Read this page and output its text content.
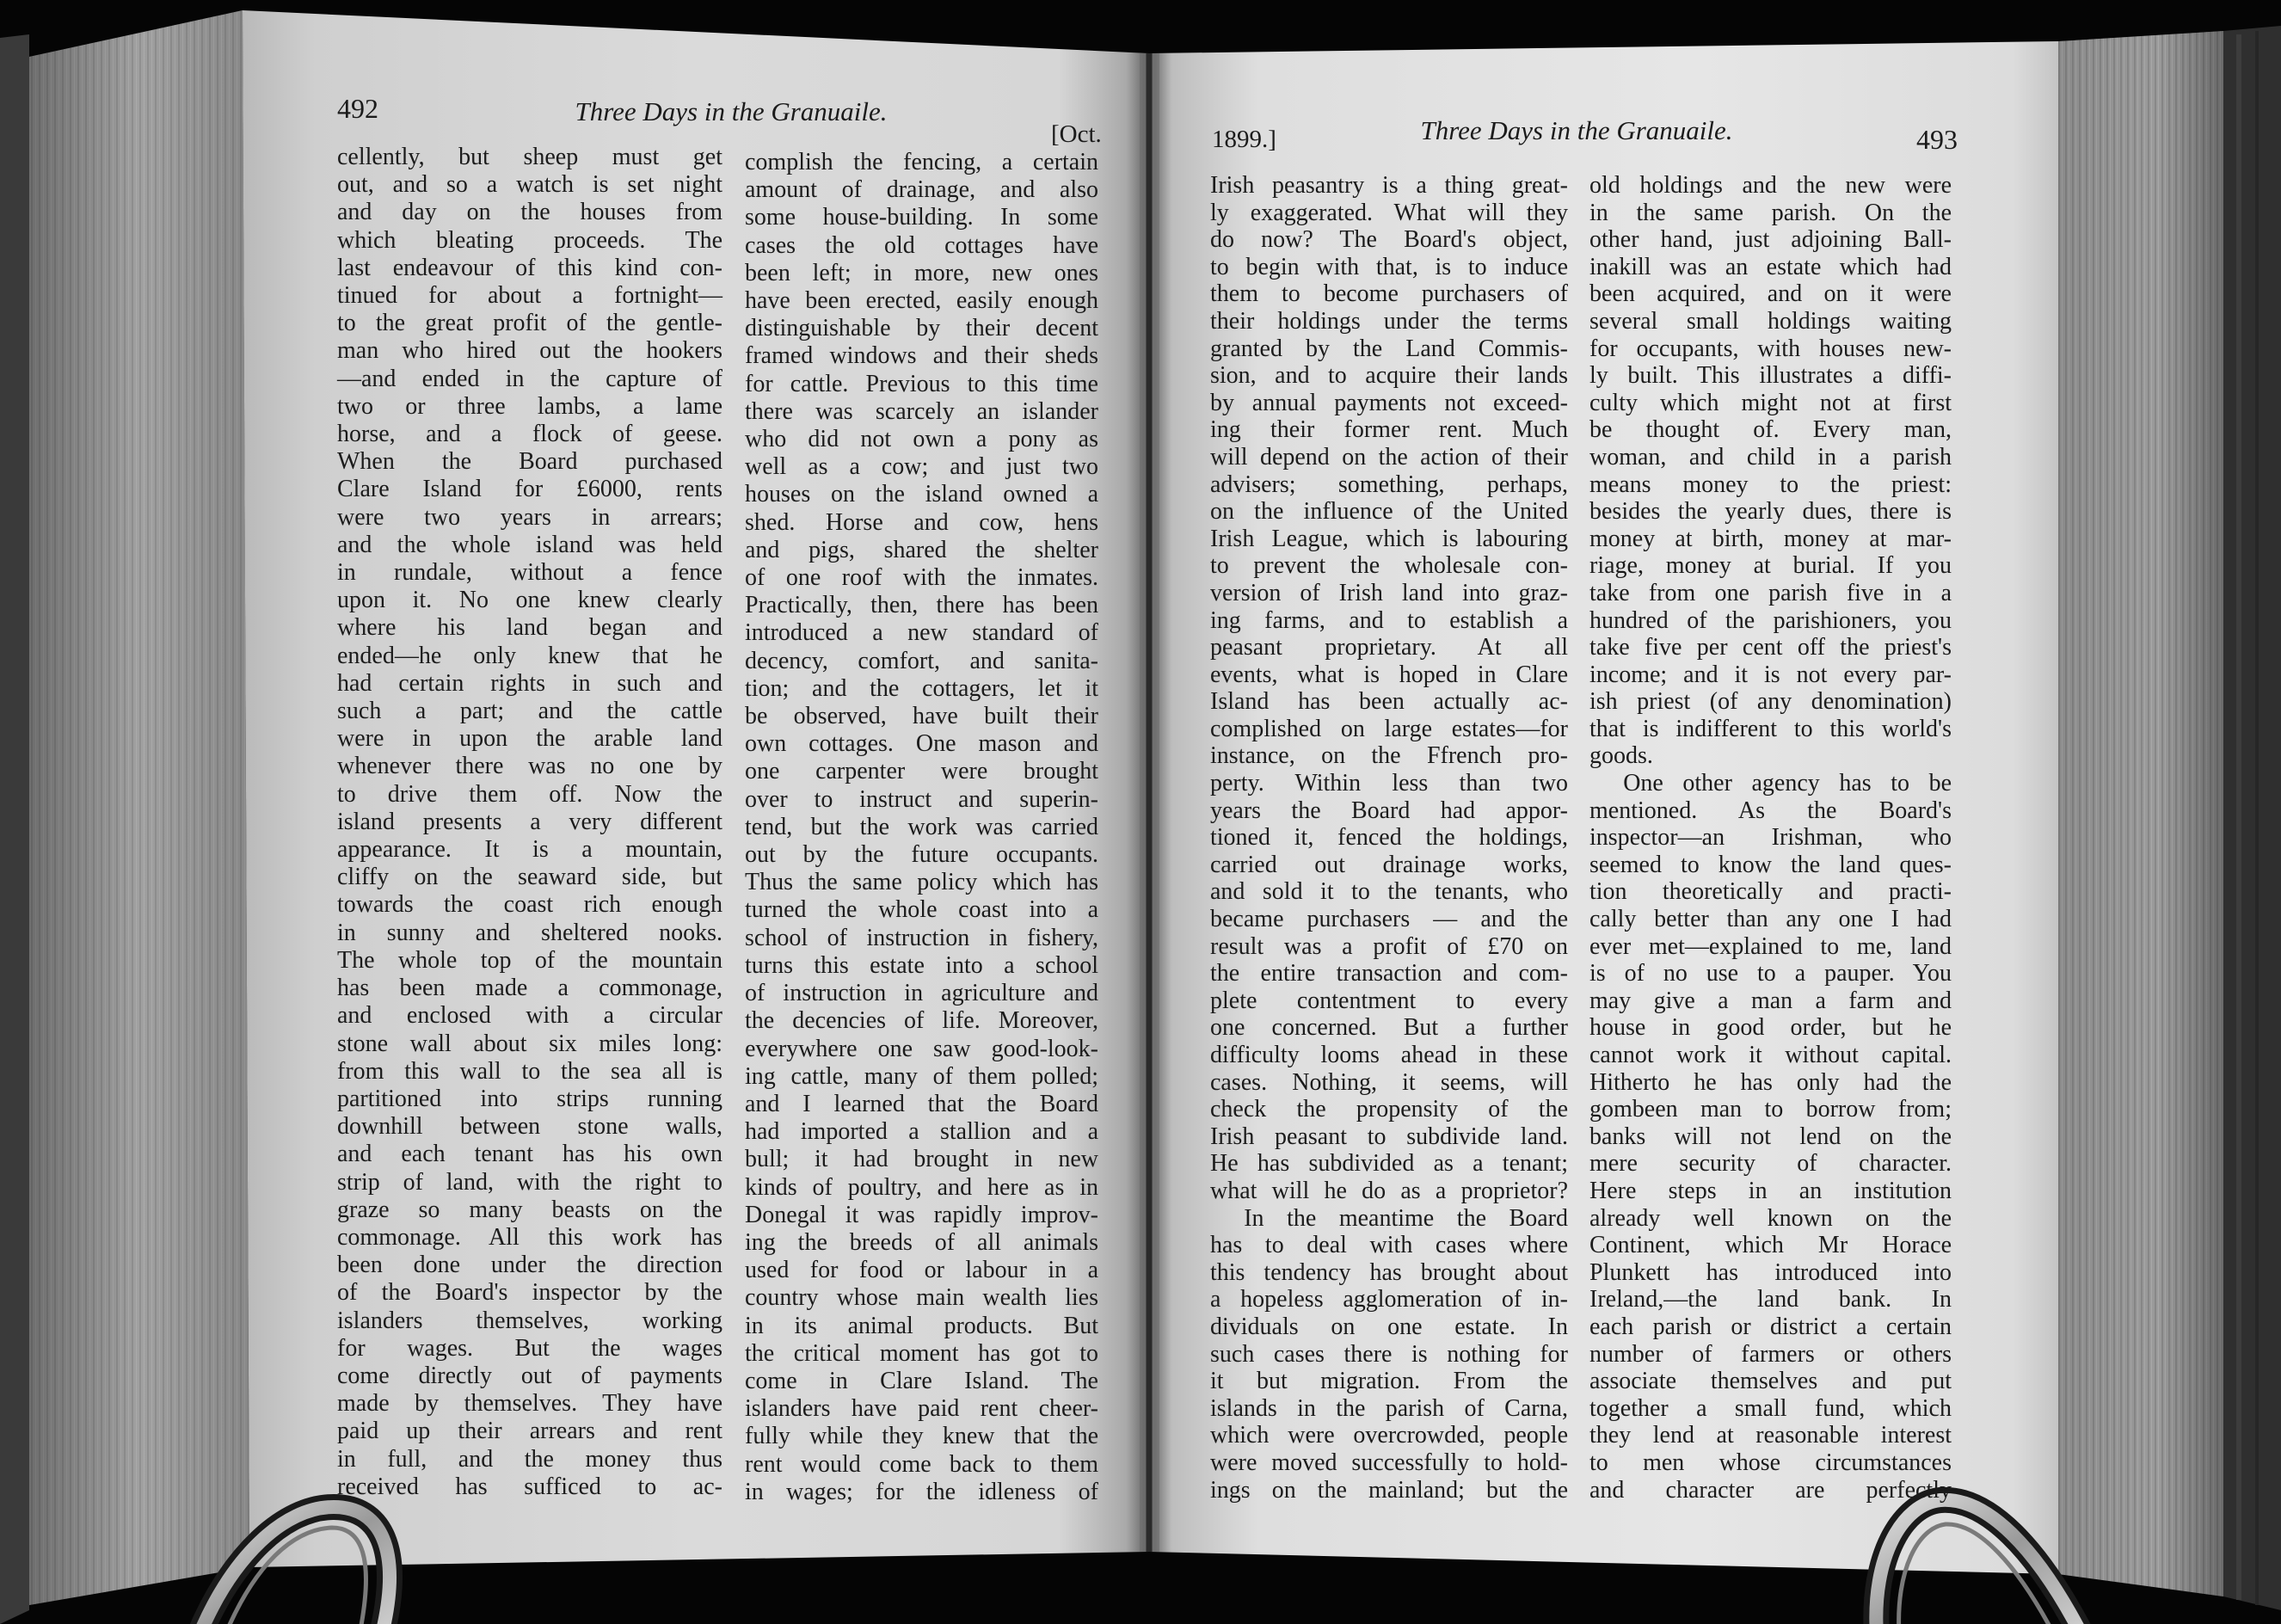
492	Three Days in the Granuaile.
[Oct.	1899.]	Three Days in the Granuaile.	493
cellently, but sheep must get
out, and so a watch is set night
and day on the houses from
which bleating proceeds. The
last endeavour of this kind con-
tinued for about a fortnight—
to the great profit of the gentle-
man who hired out the hookers
—and ended in the capture of
two or three lambs, a lame
horse, and a flock of geese.
When the Board purchased
Clare Island for £6000, rents
were two years in arrears;
and the whole island was held
in rundale, without a fence
upon it. No one knew clearly
where his land began and
ended—he only knew that he
had certain rights in such and
such a part; and the cattle
were in upon the arable land
whenever there was no one by
to drive them off. Now the
island presents a very different
appearance. It is a mountain,
cliffy on the seaward side, but
towards the coast rich enough
in sunny and sheltered nooks.
The whole top of the mountain
has been made a commonage,
and enclosed with a circular
stone wall about six miles long:
from this wall to the sea all is
partitioned into strips running
downhill between stone walls,
and each tenant has his own
strip of land, with the right to
graze so many beasts on the
commonage. All this work has
been done under the direction
of the Board's inspector by the
islanders themselves, working
for wages. But the wages
come directly out of payments
made by themselves. They have
paid up their arrears and rent
in full, and the money thus
received has sufficed to ac-
complish the fencing, a certain
amount of drainage, and also
some house-building. In some
cases the old cottages have
been left; in more, new ones
have been erected, easily enough
distinguishable by their decent
framed windows and their sheds
for cattle. Previous to this time
there was scarcely an islander
who did not own a pony as
well as a cow; and just two
houses on the island owned a
shed. Horse and cow, hens
and pigs, shared the shelter
of one roof with the inmates.
Practically, then, there has been
introduced a new standard of
decency, comfort, and sanita-
tion; and the cottagers, let it
be observed, have built their
own cottages. One mason and
one carpenter were brought
over to instruct and superin-
tend, but the work was carried
out by the future occupants.
Thus the same policy which has
turned the whole coast into a
school of instruction in fishery,
turns this estate into a school
of instruction in agriculture and
the decencies of life. Moreover,
everywhere one saw good-look-
ing cattle, many of them polled;
and I learned that the Board
had imported a stallion and a
bull; it had brought in new
kinds of poultry, and here as in
Donegal it was rapidly improv-
ing the breeds of all animals
used for food or labour in a
country whose main wealth lies
in its animal products. But
the critical moment has got to
come in Clare Island. The
islanders have paid rent cheer-
fully while they knew that the
rent would come back to them
in wages; for the idleness of
Irish peasantry is a thing great-
ly exaggerated. What will they
do now? The Board's object,
to begin with that, is to induce
them to become purchasers of
their holdings under the terms
granted by the Land Commis-
sion, and to acquire their lands
by annual payments not exceed-
ing their former rent. Much
will depend on the action of their
advisers; something, perhaps,
on the influence of the United
Irish League, which is labouring
to prevent the wholesale con-
version of Irish land into graz-
ing farms, and to establish a
peasant proprietary. At all
events, what is hoped in Clare
Island has been actually ac-
complished on large estates—for
instance, on the Ffrench pro-
perty. Within less than two
years the Board had appor-
tioned it, fenced the holdings,
carried out drainage works,
and sold it to the tenants, who
became purchasers — and the
result was a profit of £70 on
the entire transaction and com-
plete contentment to every
one concerned. But a further
difficulty looms ahead in these
cases. Nothing, it seems, will
check the propensity of the
Irish peasant to subdivide land.
He has subdivided as a tenant;
what will he do as a proprietor?
In the meantime the Board
has to deal with cases where
this tendency has brought about
a hopeless agglomeration of in-
dividuals on one estate. In
such cases there is nothing for
it but migration. From the
islands in the parish of Carna,
which were overcrowded, people
were moved successfully to hold-
ings on the mainland; but the
old holdings and the new were
in the same parish. On the
other hand, just adjoining Ball-
inakill was an estate which had
been acquired, and on it were
several small holdings waiting
for occupants, with houses new-
ly built. This illustrates a diffi-
culty which might not at first
be thought of. Every man,
woman, and child in a parish
means money to the priest:
besides the yearly dues, there is
money at birth, money at mar-
riage, money at burial. If you
take from one parish five in a
hundred of the parishioners, you
take five per cent off the priest's
income; and it is not every par-
ish priest (of any denomination)
that is indifferent to this world's
goods.
One other agency has to be
mentioned. As the Board's
inspector—an Irishman, who
seemed to know the land ques-
tion theoretically and practi-
cally better than any one I had
ever met—explained to me, land
is of no use to a pauper. You
may give a man a farm and
house in good order, but he
cannot work it without capital.
Hitherto he has only had the
gombeen man to borrow from;
banks will not lend on the
mere security of character.
Here steps in an institution
already well known on the
Continent, which Mr Horace
Plunkett has introduced into
Ireland,—the land bank. In
each parish or district a certain
number of farmers or others
associate themselves and put
together a small fund, which
they lend at reasonable interest
to men whose circumstances
and character are perfectly
